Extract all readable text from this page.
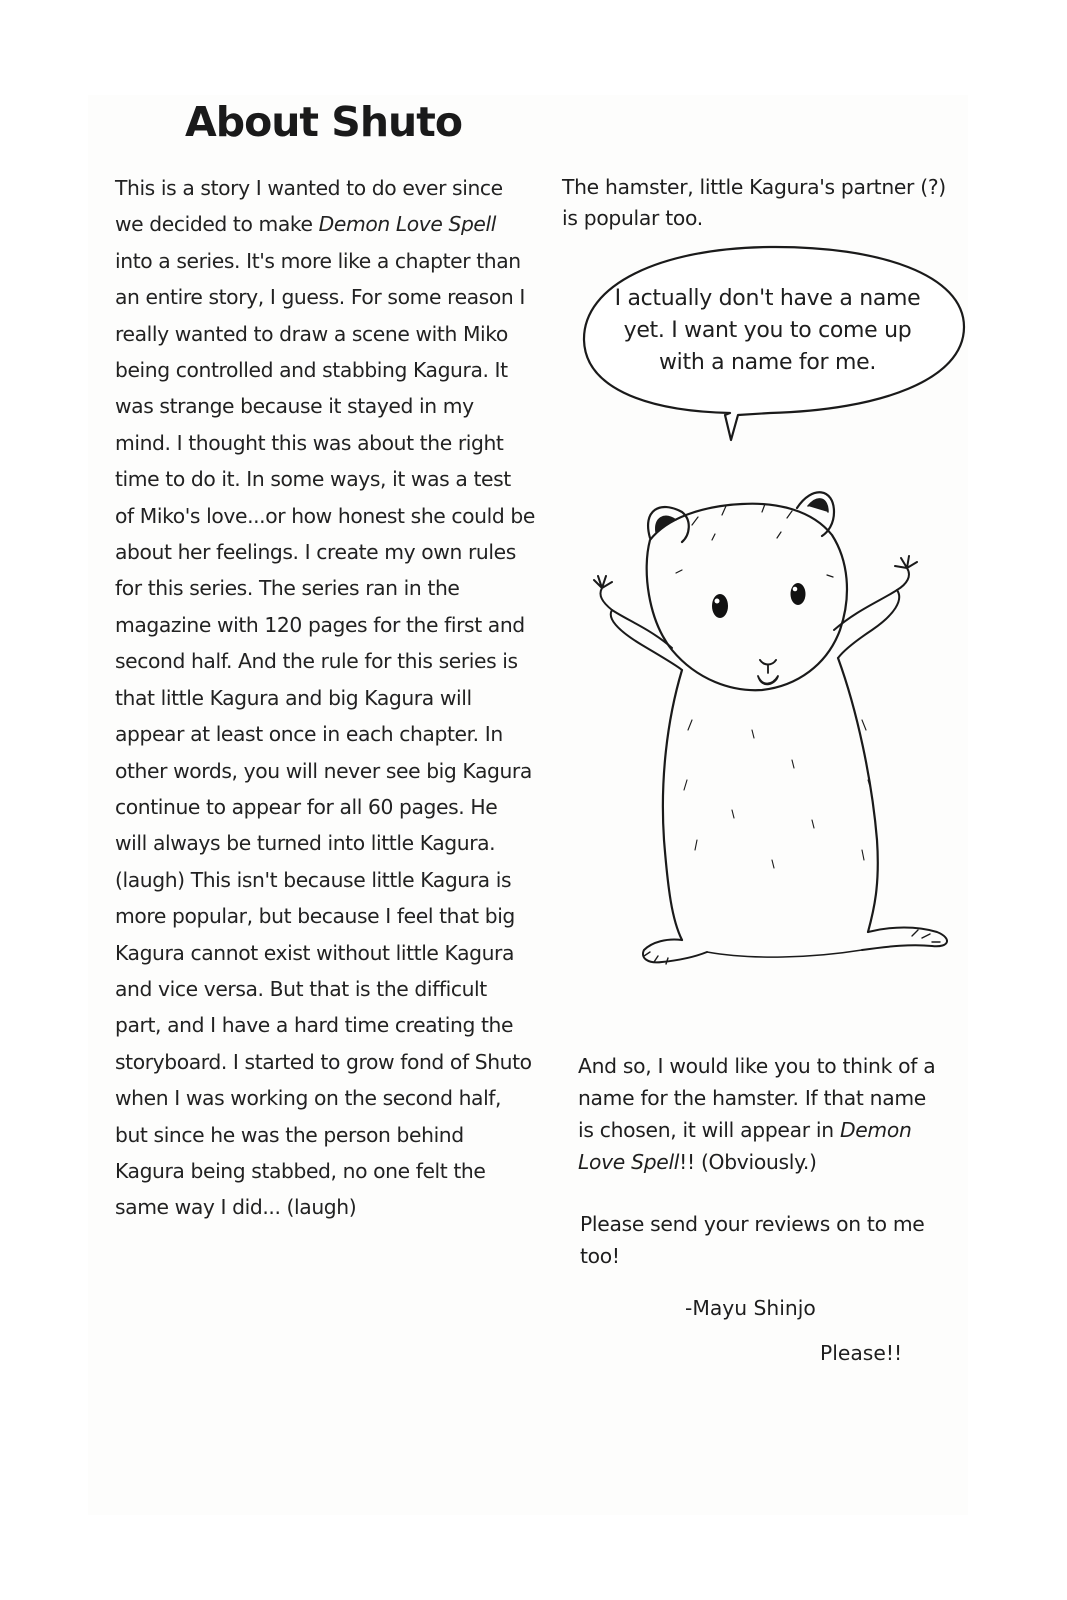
About Shuto
This is a story I wanted to do ever since we decided to make Demon Love Spell into a series. It's more like a chapter than an entire story, I guess. For some reason I really wanted to draw a scene with Miko being controlled and stabbing Kagura. It was strange because it stayed in my mind. I thought this was about the right time to do it. In some ways, it was a test of Miko's love...or how honest she could be about her feelings. I create my own rules for this series. The series ran in the magazine with 120 pages for the first and second half. And the rule for this series is that little Kagura and big Kagura will appear at least once in each chapter. In other words, you will never see big Kagura continue to appear for all 60 pages. He will always be turned into little Kagura. (laugh) This isn't because little Kagura is more popular, but because I feel that big Kagura cannot exist without little Kagura and vice versa. But that is the difficult part, and I have a hard time creating the storyboard. I started to grow fond of Shuto when I was working on the second half, but since he was the person behind Kagura being stabbed, no one felt the same way I did... (laugh)
The hamster, little Kagura's partner (?) is popular too.
I actually don't have a name yet. I want you to come up with a name for me.
And so, I would like you to think of a name for the hamster. If that name is chosen, it will appear in Demon Love Spell!! (Obviously.)
Please send your reviews on to me too!
-Mayu Shinjo
Please!!
